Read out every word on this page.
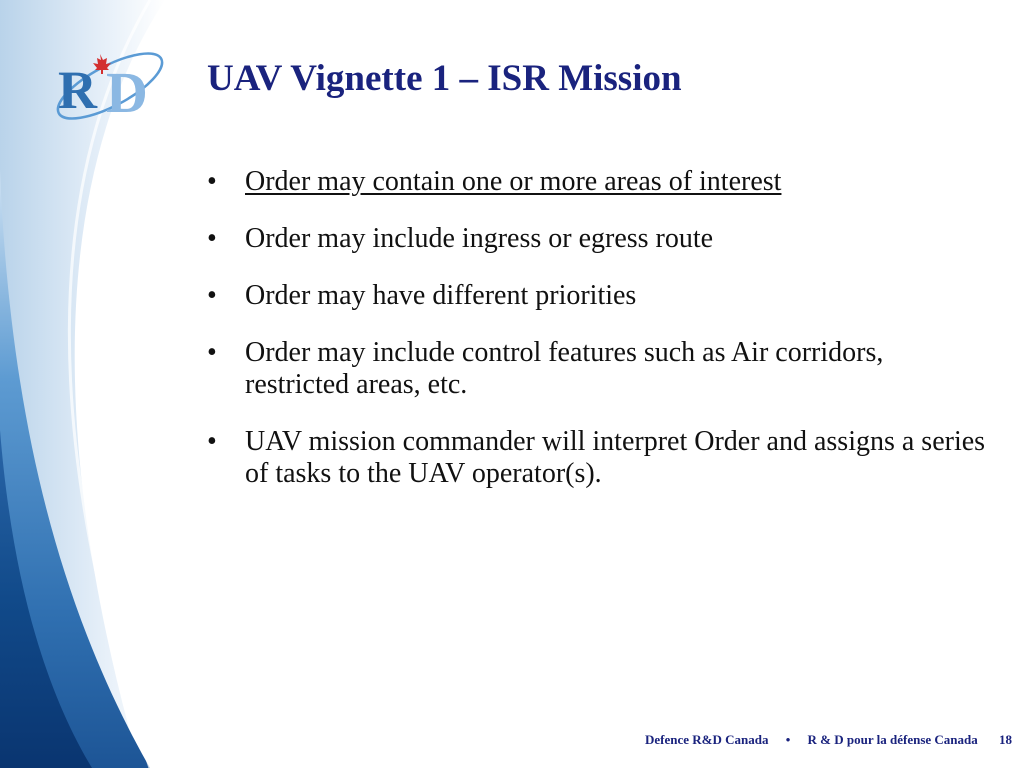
R D UAV Vignette 1 – ISR Mission
•	Order may contain one or more areas of interest
•	Order may include ingress or egress route
•	Order may have different priorities
•	Order may include control features such as Air corridors, restricted areas, etc.
•	UAV mission commander will interpret Order and assigns a series of tasks to the UAV operator(s).
Defence R&D Canada • R & D pour la défense Canada 18
